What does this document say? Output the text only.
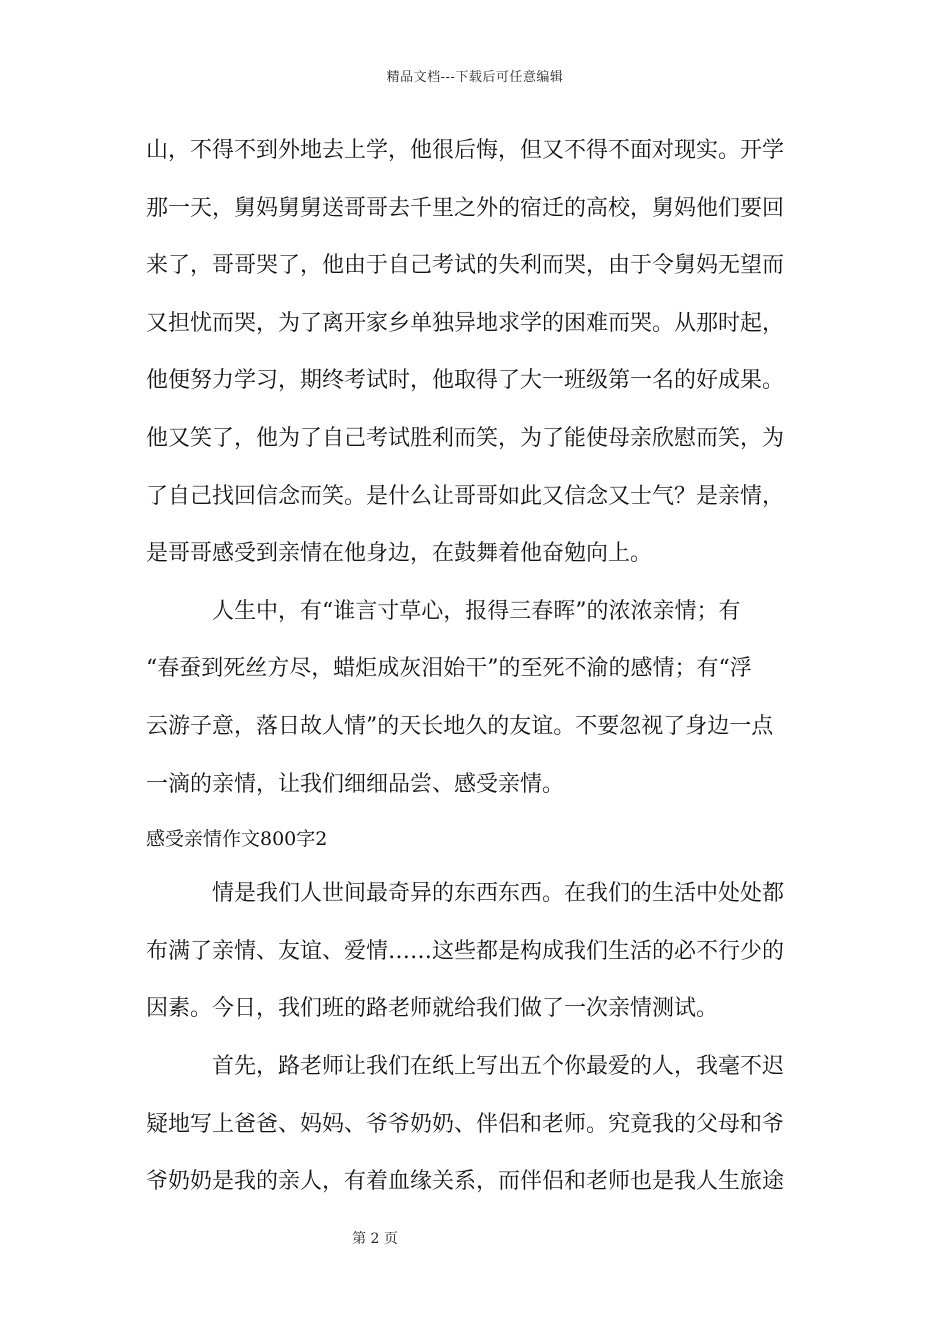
精品文档---下载后可任意编辑
山，不得不到外地去上学，他很后悔，但又不得不面对现实。开学
那一天，舅妈舅舅送哥哥去千里之外的宿迁的高校，舅妈他们要回
来了，哥哥哭了，他由于自己考试的失利而哭，由于令舅妈无望而
又担忧而哭，为了离开家乡单独异地求学的困难而哭。从那时起，
他便努力学习，期终考试时，他取得了大一班级第一名的好成果。
他又笑了，他为了自己考试胜利而笑，为了能使母亲欣慰而笑，为
了自己找回信念而笑。是什么让哥哥如此又信念又士气？是亲情，
是哥哥感受到亲情在他身边，在鼓舞着他奋勉向上。
人生中，有“谁言寸草心，报得三春晖”的浓浓亲情；有
“春蚕到死丝方尽，蜡炬成灰泪始干”的至死不渝的感情；有“浮
云游子意，落日故人情”的天长地久的友谊。不要忽视了身边一点
一滴的亲情，让我们细细品尝、感受亲情。
感受亲情作文800字2
情是我们人世间最奇异的东西东西。在我们的生活中处处都
布满了亲情、友谊、爱情……这些都是构成我们生活的必不行少的
因素。今日，我们班的路老师就给我们做了一次亲情测试。
首先，路老师让我们在纸上写出五个你最爱的人，我毫不迟
疑地写上爸爸、妈妈、爷爷奶奶、伴侣和老师。究竟我的父母和爷
爷奶奶是我的亲人，有着血缘关系，而伴侣和老师也是我人生旅途
第 2 页
